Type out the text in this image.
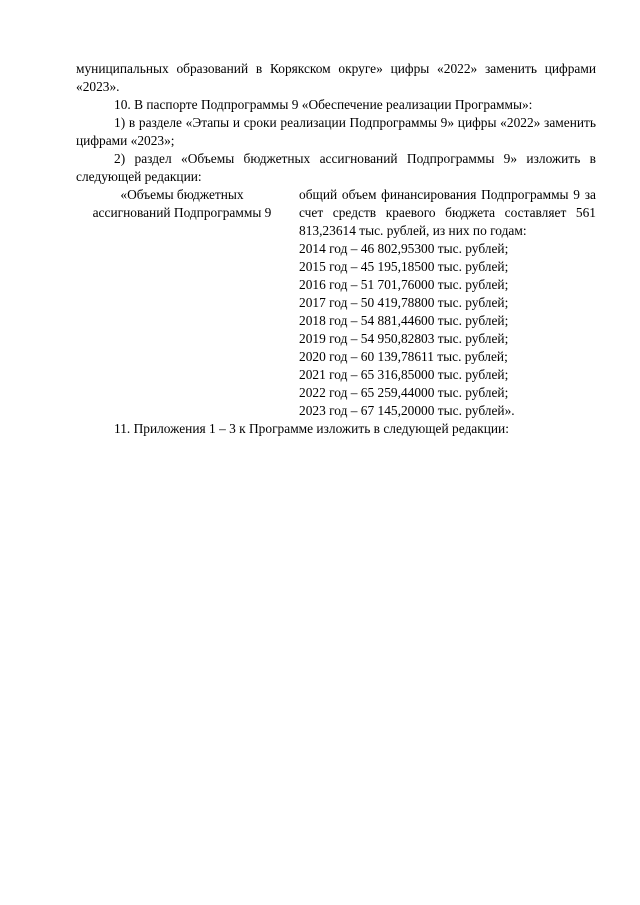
муниципальных образований в Корякском округе» цифры «2022» заменить цифрами «2023».

10. В паспорте Подпрограммы 9 «Обеспечение реализации Программы»:

1) в разделе «Этапы и сроки реализации Подпрограммы 9» цифры «2022» заменить цифрами «2023»;

2) раздел «Объемы бюджетных ассигнований Подпрограммы 9» изложить в следующей редакции:

«Объемы бюджетных ассигнований Подпрограммы 9
общий объем финансирования Подпрограммы 9 за счет средств краевого бюджета составляет 561 813,23614 тыс. рублей, из них по годам:
2014 год – 46 802,95300 тыс. рублей;
2015 год – 45 195,18500 тыс. рублей;
2016 год – 51 701,76000 тыс. рублей;
2017 год – 50 419,78800 тыс. рублей;
2018 год – 54 881,44600 тыс. рублей;
2019 год – 54 950,82803 тыс. рублей;
2020 год – 60 139,78611 тыс. рублей;
2021 год – 65 316,85000 тыс. рублей;
2022 год – 65 259,44000 тыс. рублей;
2023 год – 67 145,20000 тыс. рублей».

11. Приложения 1 – 3 к Программе изложить в следующей редакции:
